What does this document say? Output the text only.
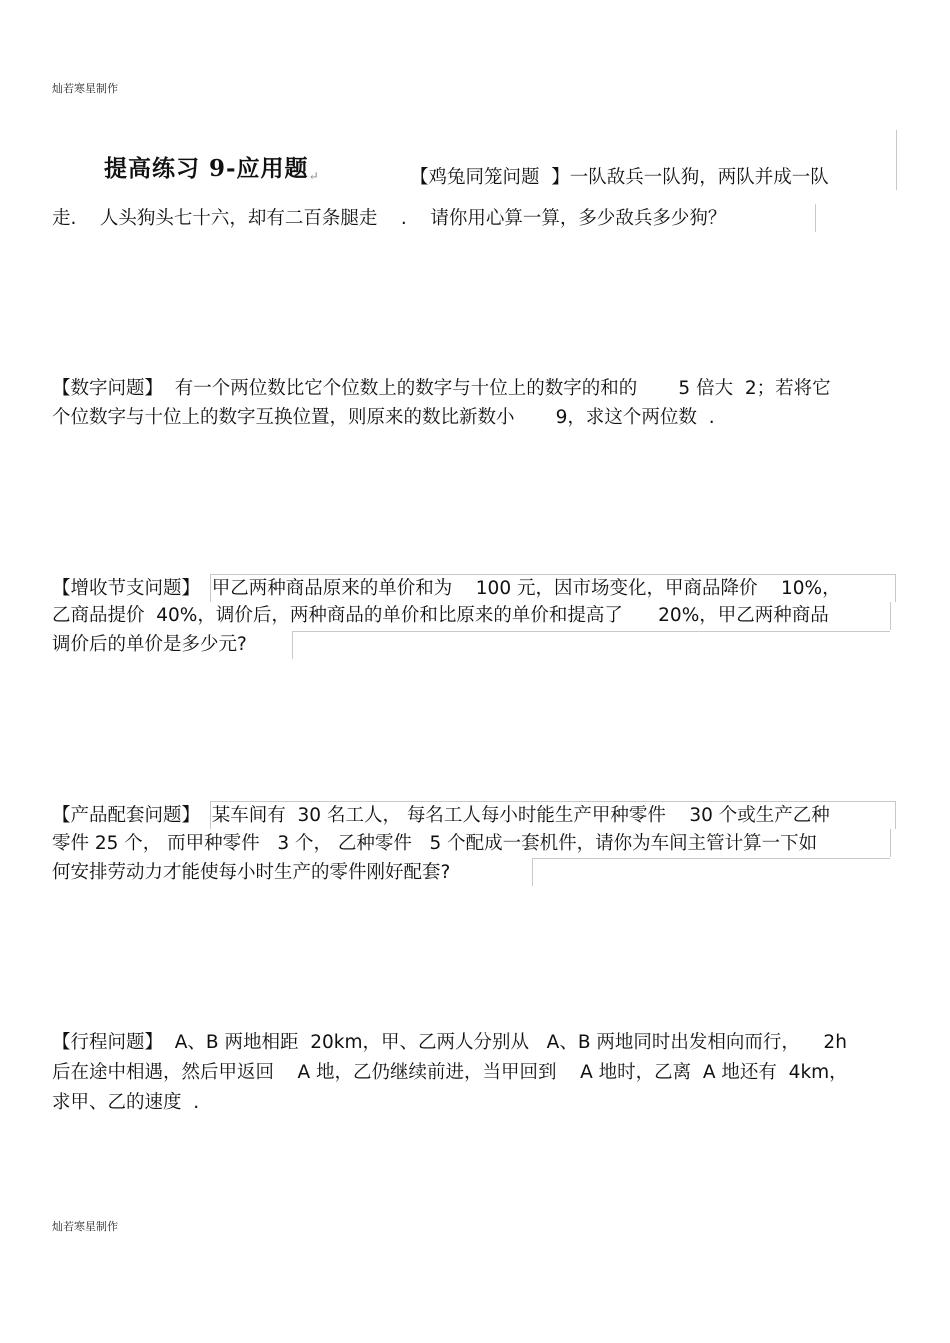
灿若寒星制作
提高练习 9-应用题↵	【鸡兔同笼问题  】一队敌兵一队狗，两队并成一队
走.    人头狗头七十六，却有二百条腿走    .    请你用心算一算，多少敌兵多少狗？
【数字问题】  有一个两位数比它个位数上的数字与十位上的数字的和的       5 倍大  2；若将它
个位数字与十位上的数字互换位置，则原来的数比新数小       9，求这个两位数  .
【增收节支问题】  甲乙两种商品原来的单价和为    100 元，因市场变化，甲商品降价    10%，
乙商品提价  40%，调价后，两种商品的单价和比原来的单价和提高了      20%，甲乙两种商品
调价后的单价是多少元?
【产品配套问题】  某车间有  30 名工人， 每名工人每小时能生产甲种零件    30 个或生产乙种
零件 25 个， 而甲种零件   3 个， 乙种零件   5 个配成一套机件，请你为车间主管计算一下如
何安排劳动力才能使每小时生产的零件刚好配套?
【行程问题】  A、B 两地相距  20km，甲、乙两人分别从   A、B 两地同时出发相向而行，    2h
后在途中相遇，然后甲返回    A 地，乙仍继续前进，当甲回到    A 地时，乙离  A 地还有  4km，
求甲、乙的速度  .
灿若寒星制作
